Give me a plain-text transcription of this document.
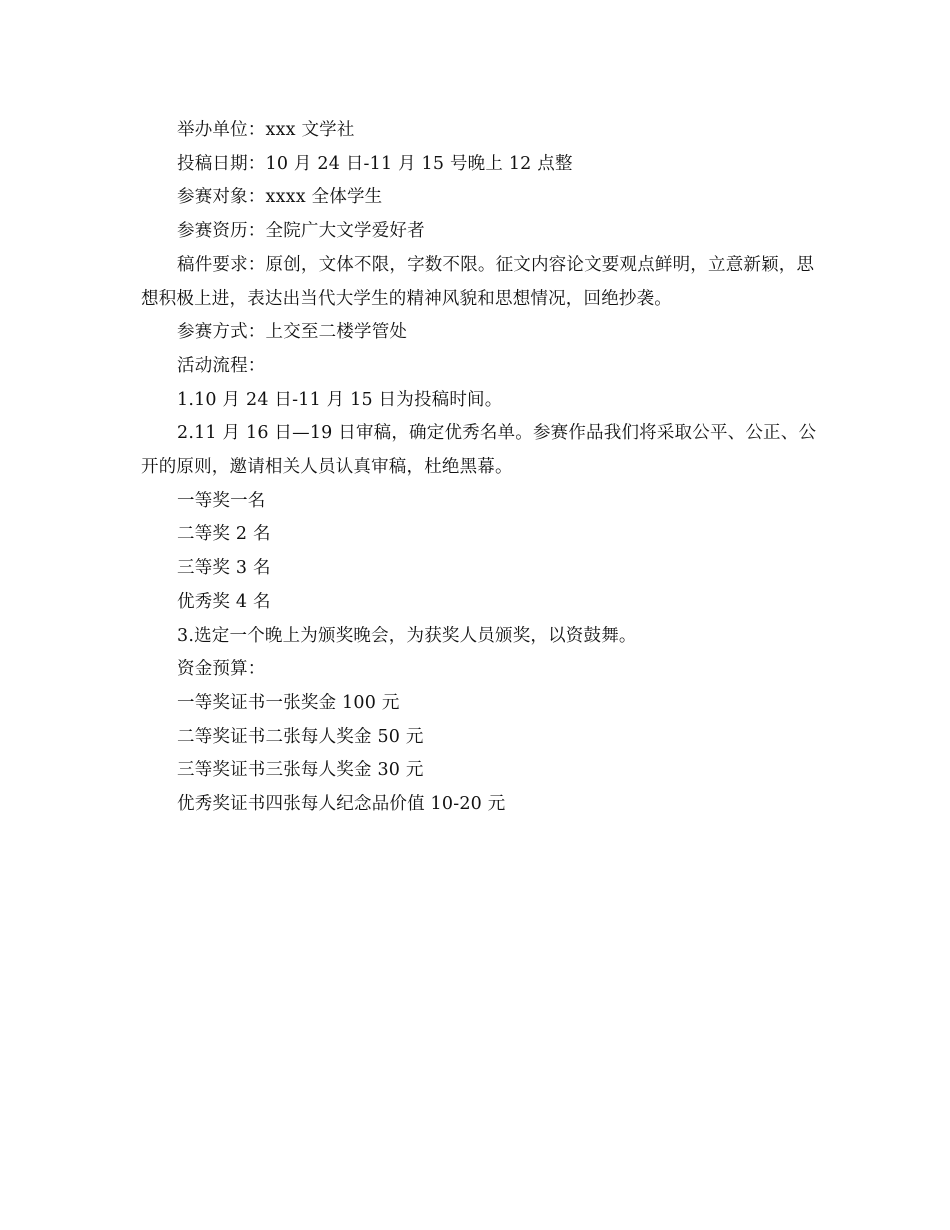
举办单位：xxx 文学社

投稿日期：10 月 24 日-11 月 15 号晚上 12 点整

参赛对象：xxxx 全体学生

参赛资历：全院广大文学爱好者

稿件要求：原创，文体不限，字数不限。征文内容论文要观点鲜明，立意新颖，思想积极上进，表达出当代大学生的精神风貌和思想情况，回绝抄袭。

参赛方式：上交至二楼学管处

活动流程：

1.10 月 24 日-11 月 15 日为投稿时间。

2.11 月 16 日—19 日审稿，确定优秀名单。参赛作品我们将采取公平、公正、公开的原则，邀请相关人员认真审稿，杜绝黑幕。

一等奖一名

二等奖 2 名

三等奖 3 名

优秀奖 4 名

3.选定一个晚上为颁奖晚会，为获奖人员颁奖，以资鼓舞。

资金预算：

一等奖证书一张奖金 100 元

二等奖证书二张每人奖金 50 元

三等奖证书三张每人奖金 30 元

优秀奖证书四张每人纪念品价值 10-20 元
